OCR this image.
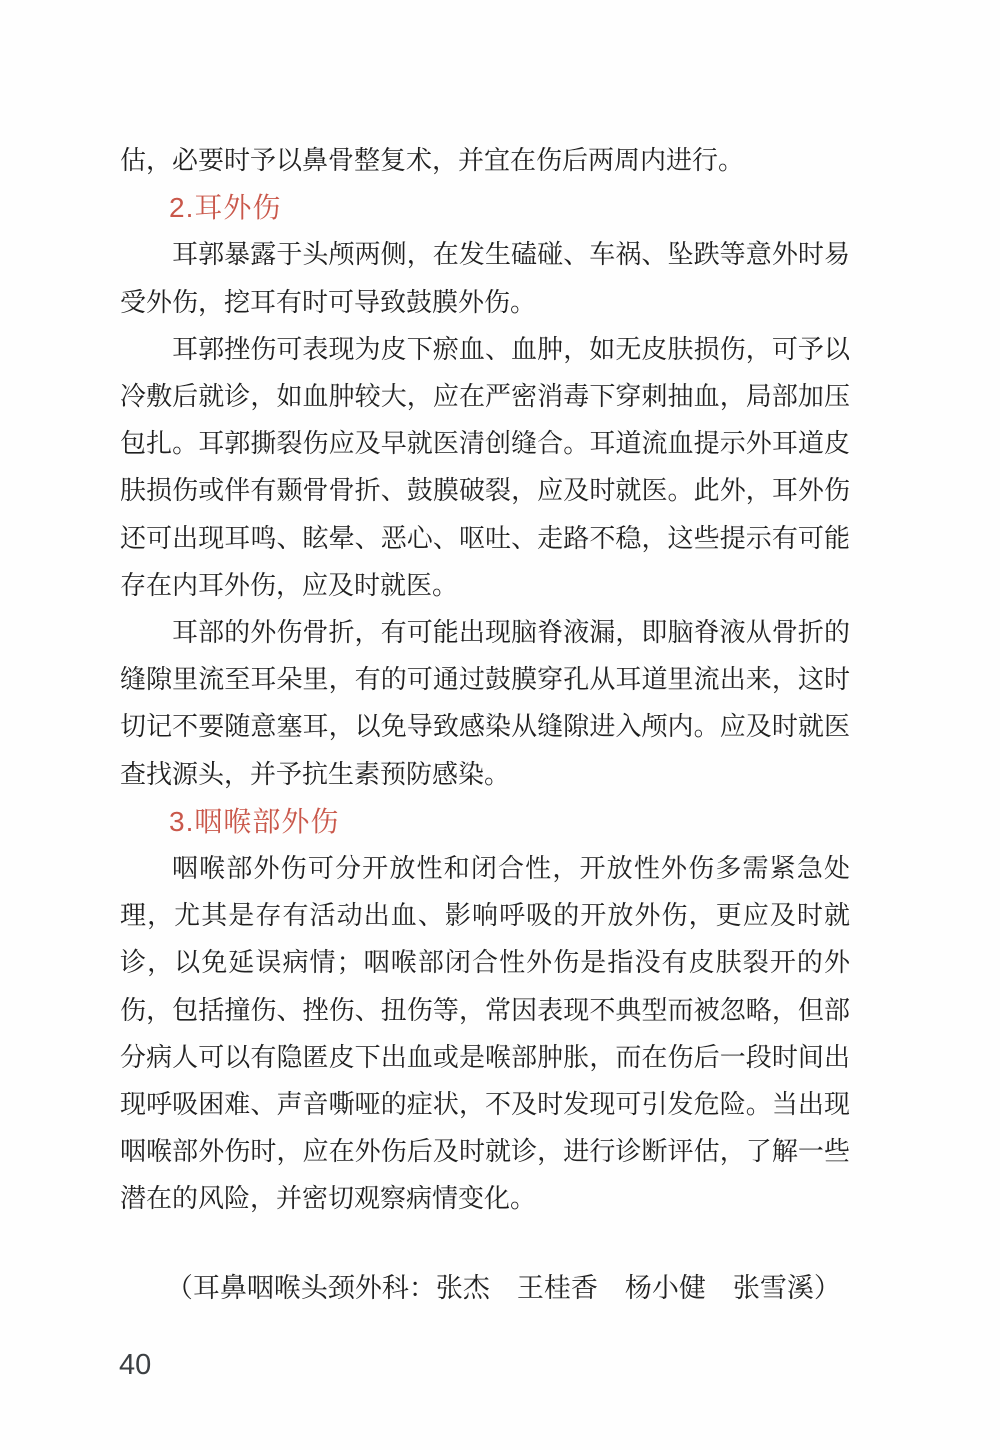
估，必要时予以鼻骨整复术，并宜在伤后两周内进行。

2.耳外伤

耳郭暴露于头颅两侧，在发生磕碰、车祸、坠跌等意外时易受外伤，挖耳有时可导致鼓膜外伤。

耳郭挫伤可表现为皮下瘀血、血肿，如无皮肤损伤，可予以冷敷后就诊，如血肿较大，应在严密消毒下穿刺抽血，局部加压包扎。耳郭撕裂伤应及早就医清创缝合。耳道流血提示外耳道皮肤损伤或伴有颞骨骨折、鼓膜破裂，应及时就医。此外，耳外伤还可出现耳鸣、眩晕、恶心、呕吐、走路不稳，这些提示有可能存在内耳外伤，应及时就医。

耳部的外伤骨折，有可能出现脑脊液漏，即脑脊液从骨折的缝隙里流至耳朵里，有的可通过鼓膜穿孔从耳道里流出来，这时切记不要随意塞耳，以免导致感染从缝隙进入颅内。应及时就医查找源头，并予抗生素预防感染。

3.咽喉部外伤

咽喉部外伤可分开放性和闭合性，开放性外伤多需紧急处理，尤其是存有活动出血、影响呼吸的开放外伤，更应及时就诊，以免延误病情；咽喉部闭合性外伤是指没有皮肤裂开的外伤，包括撞伤、挫伤、扭伤等，常因表现不典型而被忽略，但部分病人可以有隐匿皮下出血或是喉部肿胀，而在伤后一段时间出现呼吸困难、声音嘶哑的症状，不及时发现可引发危险。当出现咽喉部外伤时，应在外伤后及时就诊，进行诊断评估，了解一些潜在的风险，并密切观察病情变化。

（耳鼻咽喉头颈外科：张杰　王桂香　杨小健　张雪溪）

40
